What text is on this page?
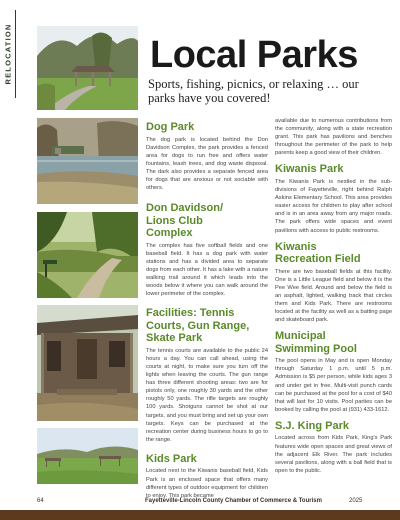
RELOCATION	Local Parks
Sports, fishing, picnics, or relaxing … our parks have you covered!
Dog Park
The dog park is located behind the Don Davidson Complex, the park provides a fenced area for dogs to run free and offers water fountains, leash trees, and dog waste disposal. The dark also provides a separate fenced area for dogs that are anxious or not sociable with others.
Don Davidson/ Lions Club Complex
The complex has five softball fields and one baseball field. It has a dog park with water stations and has a divided area to separate dogs from each other. It has a lake with a nature walking trail around it which leads into the woods below it where you can walk around the lower perimeter of the complex.
Facilities: Tennis Courts, Gun Range, Skate Park
The tennis courts are available to the public 24 hours a day. You can call ahead, using the courts at night, to make sure you turn off the lights when leaving the courts. The gun range has three different shooting areas: two are for pistols only, one roughly 30 yards and the other roughly 50 yards. The rifle targets are roughly 100 yards. Shotguns cannot be shot at our targets, and you must bring and set up your own targets. Keys can be purchased at the recreation center during business hours to go to the range.
Kids Park
Located next to the Kiwanis baseball field, Kids Park is an enclosed space that offers many different types of outdoor equipment for children to enjoy. This park became
available due to numerous contributions from the community, along with a state recreation grant. This park has pavilions and benches throughout the perimeter of the park to help parents keep a good view of their children.
Kiwanis Park
The Kiwanis Park is nestled in the sub-divisions of Fayetteville, right behind Ralph Askins Elementary School. This area provides easier access for children to play after school and is in an area away from any major roads. The park offers wide spaces and event pavilions with access to public restrooms.
Kiwanis Recreation Field
There are two baseball fields at this facility. One is a Little League field and below it is the Pee Wee field. Around and below the field is an asphalt, lighted, walking track that circles them and Kids Park. There are restrooms located at the facility as well as a batting page and skateboard park.
Municipal Swimming Pool
The pool opens in May and is open Monday through Saturday 1 p.m. until 5 p.m. Admission is $5 per person, while kids ages 3 and under get in free. Multi-visit punch cards can be purchased at the pool for a cost of $40 that will last for 10 visits. Pool parties can be booked by calling the pool at (931) 433-1612.
S.J. King Park
Located across from Kids Park, King's Park features wide open spaces and great views of the adjacent Elk River. The park includes several pavilions, along with a ball field that is open to the public.
64	Fayetteville-Lincoln County Chamber of Commerce & Tourism	2025
